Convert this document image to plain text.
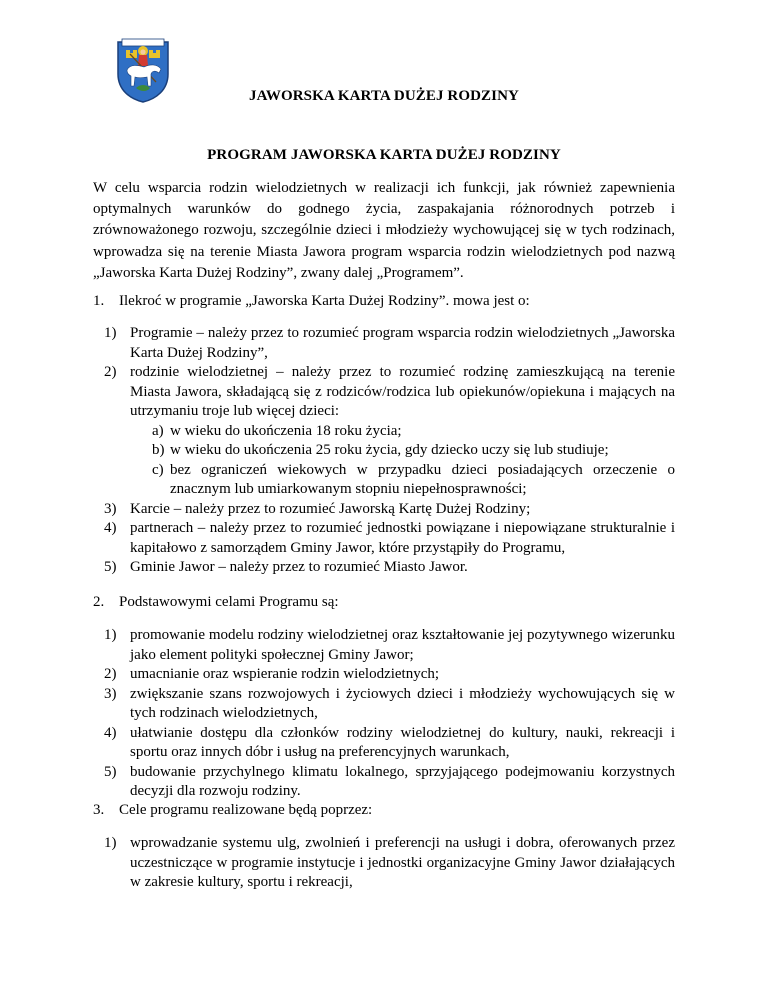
JAWORSKA KARTA DUŻEJ RODZINY
PROGRAM JAWORSKA KARTA DUŻEJ RODZINY
W celu wsparcia rodzin wielodzietnych w realizacji ich funkcji, jak również zapewnienia optymalnych warunków do godnego życia, zaspakajania różnorodnych potrzeb i zrównoważonego rozwoju, szczególnie dzieci i młodzieży wychowującej się w tych rodzinach, wprowadza się na terenie Miasta Jawora program wsparcia rodzin wielodzietnych pod nazwą „Jaworska Karta Dużej Rodziny”, zwany dalej „Programem”.
1. Ilekroć w programie „Jaworska Karta Dużej Rodziny”. mowa jest o:
1) Programie – należy przez to rozumieć program wsparcia rodzin wielodzietnych „Jaworska Karta Dużej Rodziny”,
2) rodzinie wielodzietnej – należy przez to rozumieć rodzinę zamieszkującą na terenie Miasta Jawora, składającą się z rodziców/rodzica lub opiekunów/opiekuna i mających na utrzymaniu troje lub więcej dzieci:
a) w wieku do ukończenia 18 roku życia;
b) w wieku do ukończenia 25 roku życia, gdy dziecko uczy się lub studiuje;
c) bez ograniczeń wiekowych w przypadku dzieci posiadających orzeczenie o znacznym lub umiarkowanym stopniu niepełnosprawności;
3) Karcie – należy przez to rozumieć Jaworską Kartę Dużej Rodziny;
4) partnerach – należy przez to rozumieć jednostki powiązane i niepowiązane strukturalnie i kapitałowo z samorządem Gminy Jawor, które przystąpiły do Programu,
5) Gminie Jawor – należy przez to rozumieć Miasto Jawor.
2. Podstawowymi celami Programu są:
1) promowanie modelu rodziny wielodzietnej oraz kształtowanie jej pozytywnego wizerunku jako element polityki społecznej Gminy Jawor;
2) umacnianie oraz wspieranie rodzin wielodzietnych;
3) zwiększanie szans rozwojowych i życiowych dzieci i młodzieży wychowujących się w tych rodzinach wielodzietnych,
4) ułatwianie dostępu dla członków rodziny wielodzietnej do kultury, nauki, rekreacji i sportu oraz innych dóbr i usług na preferencyjnych warunkach,
5) budowanie przychylnego klimatu lokalnego, sprzyjającego podejmowaniu korzystnych decyzji dla rozwoju rodziny.
3. Cele programu realizowane będą poprzez:
1) wprowadzanie systemu ulg, zwolnień i preferencji na usługi i dobra, oferowanych przez uczestniczące w programie instytucje i jednostki organizacyjne Gminy Jawor działających w zakresie kultury, sportu i rekreacji,
